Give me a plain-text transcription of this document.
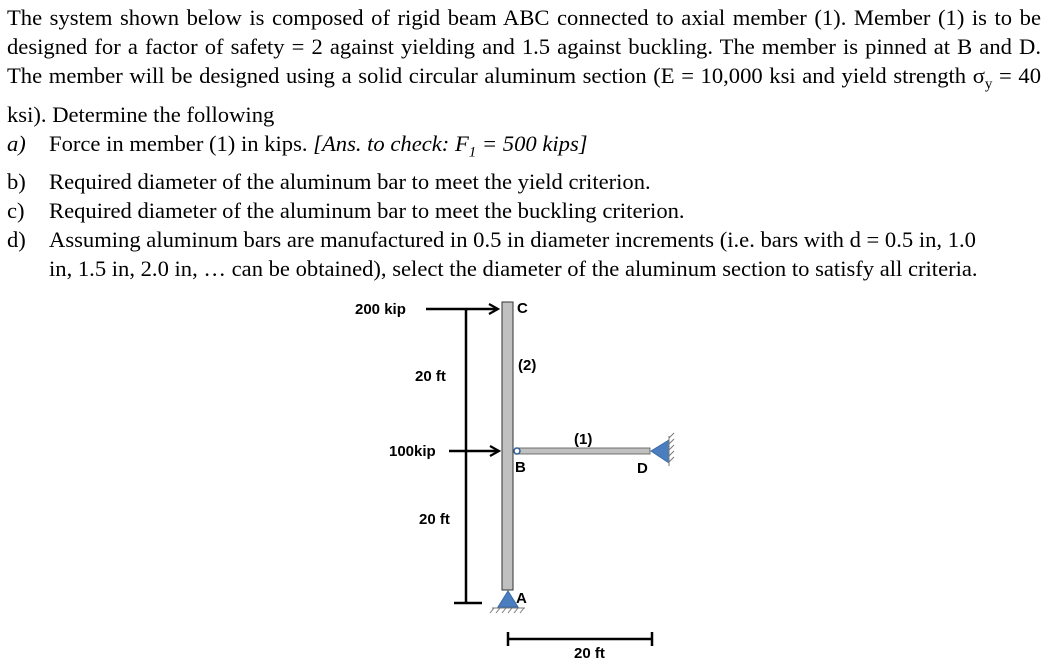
The system shown below is composed of rigid beam ABC connected to axial member (1). Member (1) is to be designed for a factor of safety = 2 against yielding and 1.5 against buckling. The member is pinned at B and D. The member will be designed using a solid circular aluminum section (E = 10,000 ksi and yield strength $\sigma_y = 40$ ksi). Determine the following
a) Force in member (1) in kips. [Ans. to check: $F_1 = 500$ kips]
b) Required diameter of the aluminum bar to meet the yield criterion.
c) Required diameter of the aluminum bar to meet the buckling criterion.
d) Assuming aluminum bars are manufactured in 0.5 in diameter increments (i.e. bars with d = 0.5 in, 1.0 in, 1.5 in, 2.0 in, … can be obtained), select the diameter of the aluminum section to satisfy all criteria.
200 kip
100kip
20 ft
20 ft
C
(2)
(1)
B	D
A
20 ft
